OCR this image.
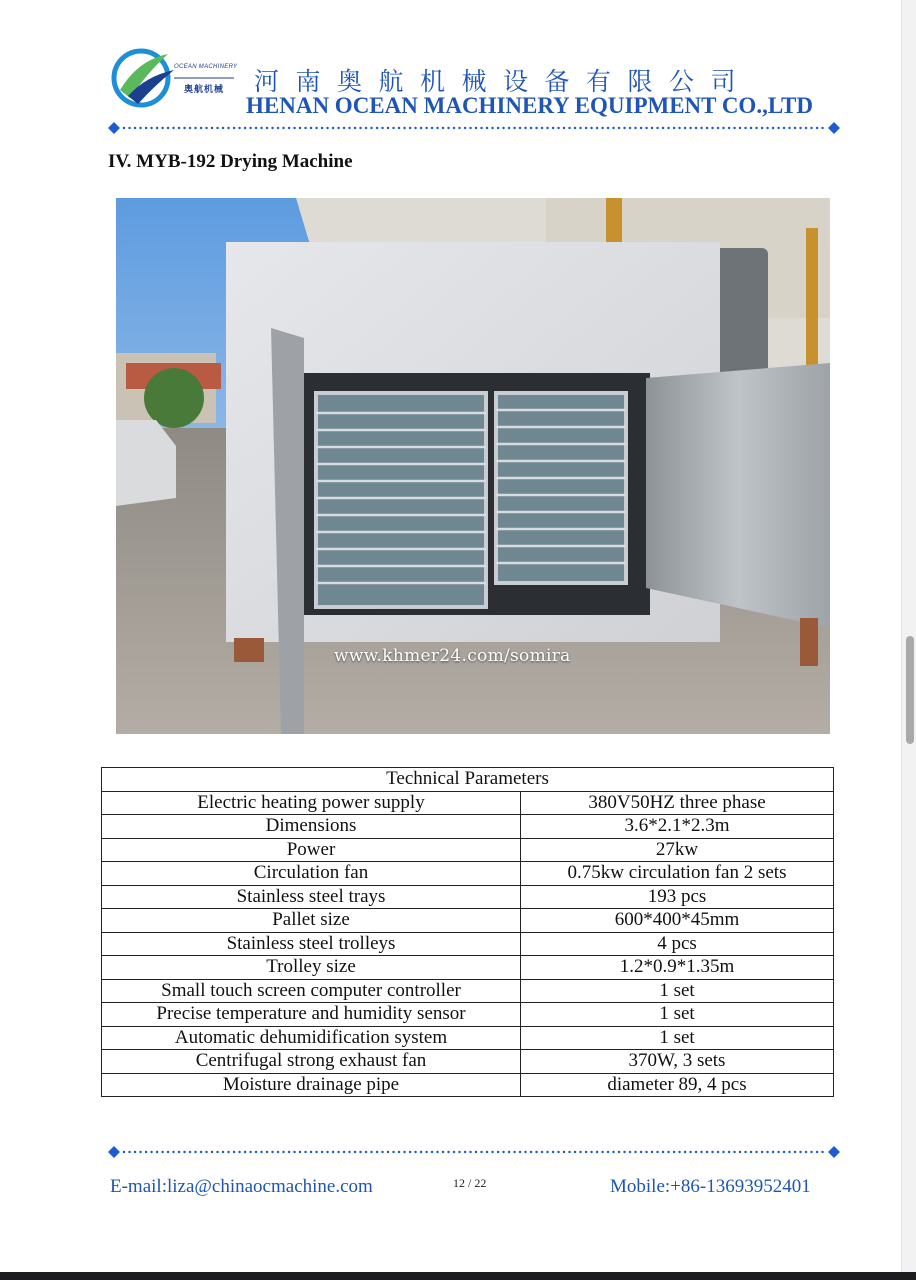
OCEAN MACHINERY
奥航机械 河南奥航机械设备有限公司
HENAN OCEAN MACHINERY EQUIPMENT CO.,LTD
IV. MYB-192 Drying Machine
www.khmer24.com/somira
Technical Parameters	
Electric heating power supply	380V50HZ three phase
Dimensions	3.6*2.1*2.3m
Power	27kw
Circulation fan	0.75kw circulation fan 2 sets
Stainless steel trays	193 pcs
Pallet size	600*400*45mm
Stainless steel trolleys	4 pcs
Trolley size	1.2*0.9*1.35m
Small touch screen computer controller	1 set
Precise temperature and humidity sensor	1 set
Automatic dehumidification system	1 set
Centrifugal strong exhaust fan	370W, 3 sets
Moisture drainage pipe	diameter 89, 4 pcs
E-mail:liza@chinaocmachine.com	12 / 22	Mobile:+86-13693952401
